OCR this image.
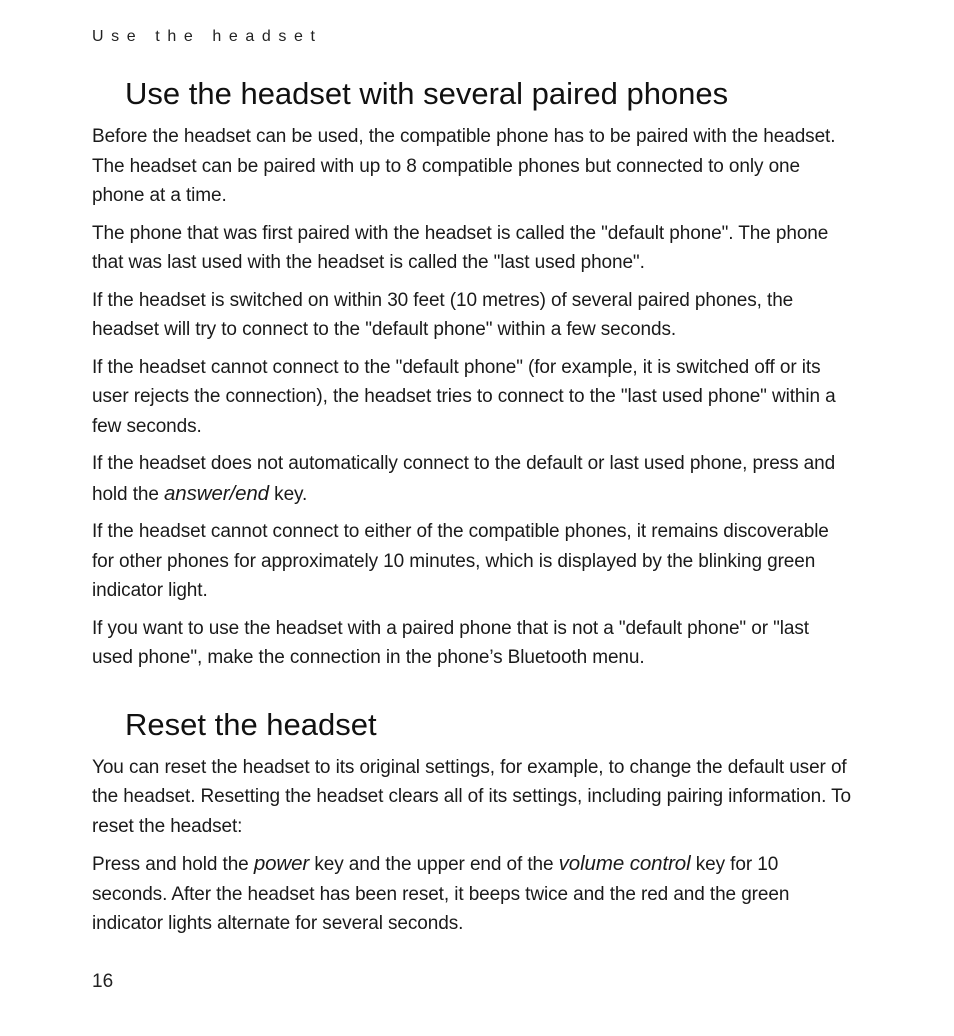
Use the headset
Use the headset with several paired phones

Before the headset can be used, the compatible phone has to be paired with the headset. The headset can be paired with up to 8 compatible phones but connected to only one phone at a time.

The phone that was first paired with the headset is called the "default phone". The phone that was last used with the headset is called the "last used phone".

If the headset is switched on within 30 feet (10 metres) of several paired phones, the headset will try to connect to the "default phone" within a few seconds.

If the headset cannot connect to the "default phone" (for example, it is switched off or its user rejects the connection), the headset tries to connect to the "last used phone" within a few seconds.

If the headset does not automatically connect to the default or last used phone, press and hold the answer/end key.

If the headset cannot connect to either of the compatible phones, it remains discoverable for other phones for approximately 10 minutes, which is displayed by the blinking green indicator light.

If you want to use the headset with a paired phone that is not a "default phone" or "last used phone", make the connection in the phone’s Bluetooth menu.

Reset the headset

You can reset the headset to its original settings, for example, to change the default user of the headset. Resetting the headset clears all of its settings, including pairing information. To reset the headset:

Press and hold the power key and the upper end of the volume control key for 10 seconds. After the headset has been reset, it beeps twice and the red and the green indicator lights alternate for several seconds.

16
